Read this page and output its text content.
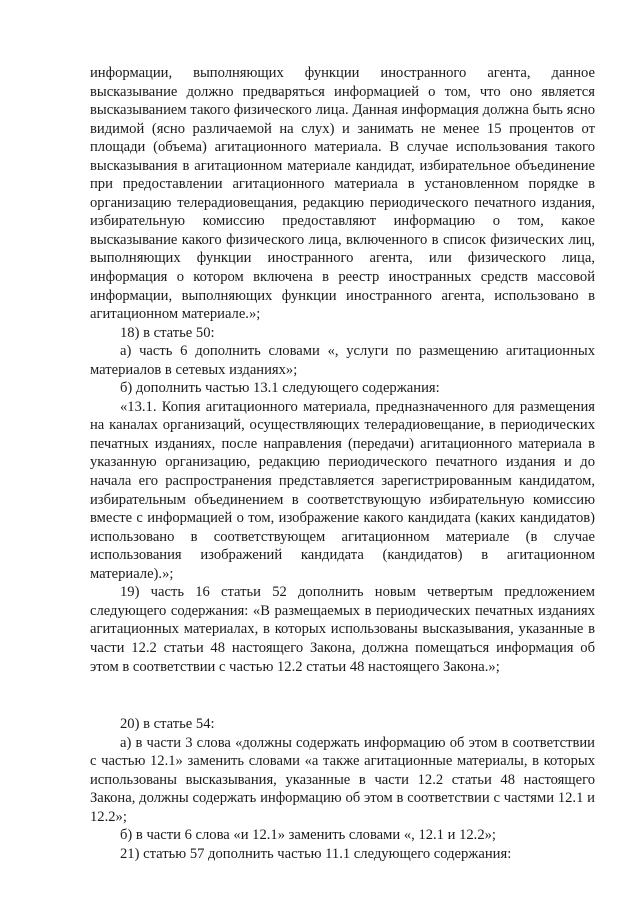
информации, выполняющих функции иностранного агента, данное высказывание должно предваряться информацией о том, что оно является высказыванием такого физического лица. Данная информация должна быть ясно видимой (ясно различаемой на слух) и занимать не менее 15 процентов от площади (объема) агитационного материала. В случае использования такого высказывания в агитационном материале кандидат, избирательное объединение при предоставлении агитационного материала в установленном порядке в организацию телерадиовещания, редакцию периодического печатного издания, избирательную комиссию предоставляют информацию о том, какое высказывание какого физического лица, включенного в список физических лиц, выполняющих функции иностранного агента, или физического лица, информация о котором включена в реестр иностранных средств массовой информации, выполняющих функции иностранного агента, использовано в агитационном материале.»;

18) в статье 50:

а) часть 6 дополнить словами «, услуги по размещению агитационных материалов в сетевых изданиях»;

б) дополнить частью 13.1 следующего содержания:

«13.1. Копия агитационного материала, предназначенного для размещения на каналах организаций, осуществляющих телерадиовещание, в периодических печатных изданиях, после направления (передачи) агитационного материала в указанную организацию, редакцию периодического печатного издания и до начала его распространения представляется зарегистрированным кандидатом, избирательным объединением в соответствующую избирательную комиссию вместе с информацией о том, изображение какого кандидата (каких кандидатов) использовано в соответствующем агитационном материале (в случае использования изображений кандидата (кандидатов) в агитационном материале).»;

19) часть 16 статьи 52 дополнить новым четвертым предложением следующего содержания: «В размещаемых в периодических печатных изданиях агитационных материалах, в которых использованы высказывания, указанные в части 12.2 статьи 48 настоящего Закона, должна помещаться информация об этом в соответствии с частью 12.2 статьи 48 настоящего Закона.»;

20) в статье 54:

а) в части 3 слова «должны содержать информацию об этом в соответствии с частью 12.1» заменить словами «а также агитационные материалы, в которых использованы высказывания, указанные в части 12.2 статьи 48 настоящего Закона, должны содержать информацию об этом в соответствии с частями 12.1 и 12.2»;

б) в части 6 слова «и 12.1» заменить словами «, 12.1 и 12.2»;

21) статью 57 дополнить частью 11.1 следующего содержания:
